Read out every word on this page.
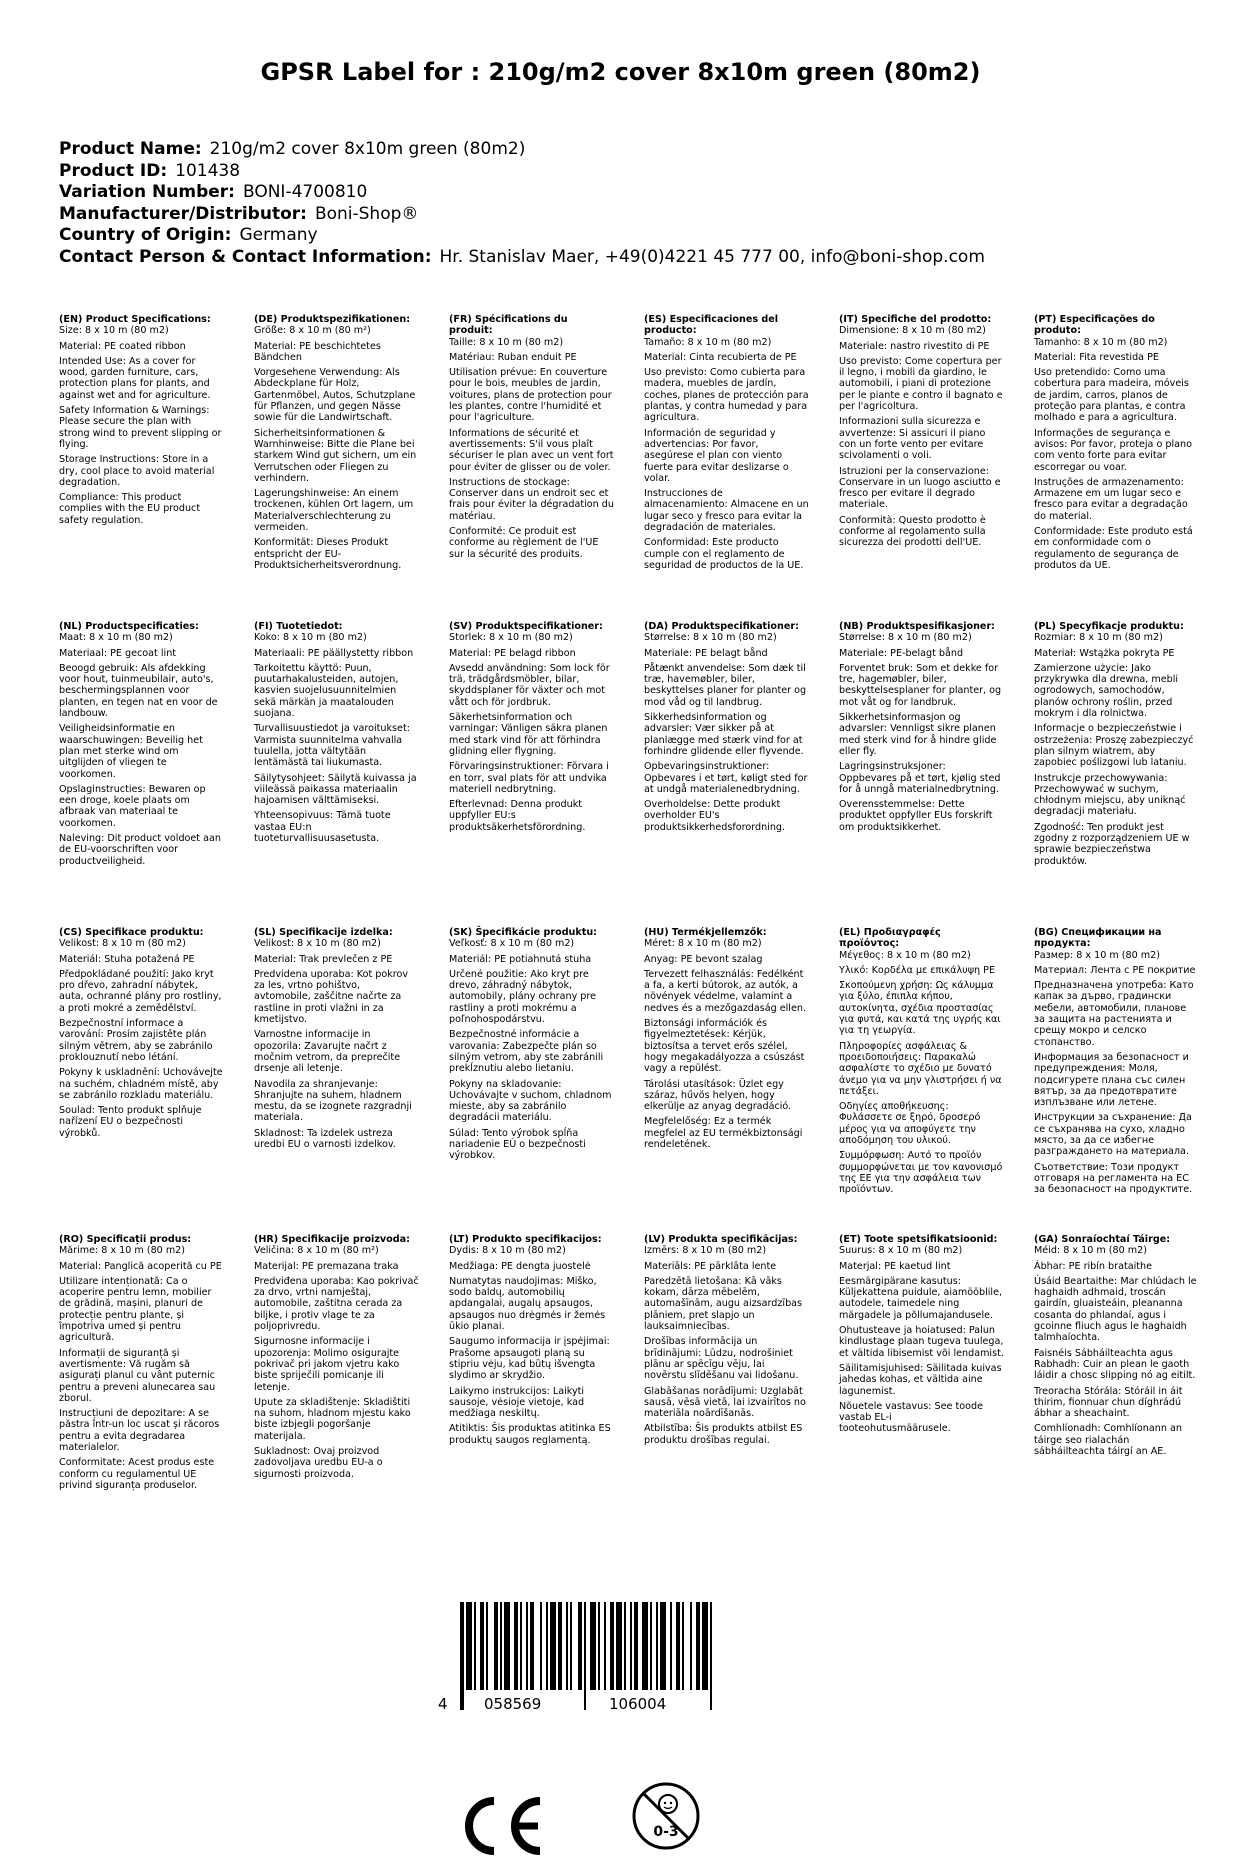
GPSR Label for : 210g/m2 cover 8x10m green (80m2)
Product Name: 210g/m2 cover 8x10m green (80m2)
Product ID: 101438
Variation Number: BONI-4700810
Manufacturer/Distributor: Boni-Shop®
Country of Origin: Germany
Contact Person & Contact Information: Hr. Stanislav Maer, +49(0)4221 45 777 00, info@boni-shop.com
(EN) Product Specifications:

Size: 8 x 10 m (80 m2)

Material: PE coated ribbon

Intended Use: As a cover for wood, garden furniture, cars, protection plans for plants, and against wet and for agriculture.

Safety Information & Warnings: Please secure the plan with strong wind to prevent slipping or flying.

Storage Instructions: Store in a dry, cool place to avoid material degradation.

Compliance: This product complies with the EU product safety regulation.

(DE) Produktspezifikationen:

Größe: 8 x 10 m (80 m²)

Material: PE beschichtetes Bändchen

Vorgesehene Verwendung: Als Abdeckplane für Holz, Gartenmöbel, Autos, Schutzplane für Pflanzen, und gegen Nässe sowie für die Landwirtschaft.

Sicherheitsinformationen & Warnhinweise: Bitte die Plane bei starkem Wind gut sichern, um ein Verrutschen oder Fliegen zu verhindern.

Lagerungshinweise: An einem trockenen, kühlen Ort lagern, um Materialverschlechterung zu vermeiden.

Konformität: Dieses Produkt entspricht der EU-Produktsicherheitsverordnung.

(FR) Spécifications du produit:

Taille: 8 x 10 m (80 m2)

Matériau: Ruban enduit PE

Utilisation prévue: En couverture pour le bois, meubles de jardin, voitures, plans de protection pour les plantes, contre l'humidité et pour l'agriculture.

Informations de sécurité et avertissements: S'il vous plaît sécuriser le plan avec un vent fort pour éviter de glisser ou de voler.

Instructions de stockage: Conserver dans un endroit sec et frais pour éviter la dégradation du matériau.

Conformité: Ce produit est conforme au règlement de l'UE sur la sécurité des produits.

(ES) Especificaciones del producto:

Tamaño: 8 x 10 m (80 m2)

Material: Cinta recubierta de PE

Uso previsto: Como cubierta para madera, muebles de jardín, coches, planes de protección para plantas, y contra humedad y para agricultura.

Información de seguridad y advertencias: Por favor, asegúrese el plan con viento fuerte para evitar deslizarse o volar.

Instrucciones de almacenamiento: Almacene en un lugar seco y fresco para evitar la degradación de materiales.

Conformidad: Este producto cumple con el reglamento de seguridad de productos de la UE.

(IT) Specifiche del prodotto:

Dimensione: 8 x 10 m (80 m2)

Materiale: nastro rivestito di PE

Uso previsto: Come copertura per il legno, i mobili da giardino, le automobili, i piani di protezione per le piante e contro il bagnato e per l'agricoltura.

Informazioni sulla sicurezza e avvertenze: Si assicuri il piano con un forte vento per evitare scivolamenti o voli.

Istruzioni per la conservazione: Conservare in un luogo asciutto e fresco per evitare il degrado materiale.

Conformità: Questo prodotto è conforme al regolamento sulla sicurezza dei prodotti dell'UE.

(PT) Especificações do produto:

Tamanho: 8 x 10 m (80 m2)

Material: Fita revestida PE

Uso pretendido: Como uma cobertura para madeira, móveis de jardim, carros, planos de proteção para plantas, e contra molhado e para a agricultura.

Informações de segurança e avisos: Por favor, proteja o plano com vento forte para evitar escorregar ou voar.

Instruções de armazenamento: Armazene em um lugar seco e fresco para evitar a degradação do material.

Conformidade: Este produto está em conformidade com o regulamento de segurança de produtos da UE.

(NL) Productspecificaties:

Maat: 8 x 10 m (80 m2)

Materiaal: PE gecoat lint

Beoogd gebruik: Als afdekking voor hout, tuinmeubilair, auto's, beschermingsplannen voor planten, en tegen nat en voor de landbouw.

Veiligheidsinformatie en waarschuwingen: Beveilig het plan met sterke wind om uitglijden of vliegen te voorkomen.

Opslaginstructies: Bewaren op een droge, koele plaats om afbraak van materiaal te voorkomen.

Naleving: Dit product voldoet aan de EU-voorschriften voor productveiligheid.

(FI) Tuotetiedot:

Koko: 8 x 10 m (80 m2)

Materiaali: PE päällystetty ribbon

Tarkoitettu käyttö: Puun, puutarhakalusteiden, autojen, kasvien suojelusuunnitelmien sekä märkän ja maatalouden suojana.

Turvallisuustiedot ja varoitukset: Varmista suunnitelma vahvalla tuulella, jotta vältytään lentämästä tai liukumasta.

Säilytysohjeet: Säilytä kuivassa ja viileässä paikassa materiaalin hajoamisen välttämiseksi.

Yhteensopivuus: Tämä tuote vastaa EU:n tuoteturvallisuusasetusta.

(SV) Produktspecifikationer:

Storlek: 8 x 10 m (80 m2)

Material: PE belagd ribbon

Avsedd användning: Som lock för trä, trädgårdsmöbler, bilar, skyddsplaner för växter och mot vått och för jordbruk.

Säkerhetsinformation och varningar: Vänligen säkra planen med stark vind för att förhindra glidning eller flygning.

Förvaringsinstruktioner: Förvara i en torr, sval plats för att undvika materiell nedbrytning.

Efterlevnad: Denna produkt uppfyller EU:s produktsäkerhetsförordning.

(DA) Produktspecifikationer:

Størrelse: 8 x 10 m (80 m2)

Materiale: PE belagt bånd

Påtænkt anvendelse: Som dæk til træ, havemøbler, biler, beskyttelses planer for planter og mod våd og til landbrug.

Sikkerhedsinformation og advarsler: Vær sikker på at planlægge med stærk vind for at forhindre glidende eller flyvende.

Opbevaringsinstruktioner: Opbevares i et tørt, køligt sted for at undgå materialenedbrydning.

Overholdelse: Dette produkt overholder EU's produktsikkerhedsforordning.

(NB) Produktspesifikasjoner:

Størrelse: 8 x 10 m (80 m2)

Materiale: PE-belagt bånd

Forventet bruk: Som et dekke for tre, hagemøbler, biler, beskyttelsesplaner for planter, og mot våt og for landbruk.

Sikkerhetsinformasjon og advarsler: Vennligst sikre planen med sterk vind for å hindre glide eller fly.

Lagringsinstruksjoner: Oppbevares på et tørt, kjølig sted for å unngå materialnedbrytning.

Overensstemmelse: Dette produktet oppfyller EUs forskrift om produktsikkerhet.

(PL) Specyfikacje produktu:

Rozmiar: 8 x 10 m (80 m2)

Materiał: Wstążka pokryta PE

Zamierzone użycie: Jako przykrywka dla drewna, mebli ogrodowych, samochodów, planów ochrony roślin, przed mokrym i dla rolnictwa.

Informacje o bezpieczeństwie i ostrzeżenia: Proszę zabezpieczyć plan silnym wiatrem, aby zapobiec poślizgowi lub lataniu.

Instrukcje przechowywania: Przechowywać w suchym, chłodnym miejscu, aby uniknąć degradacji materiału.

Zgodność: Ten produkt jest zgodny z rozporządzeniem UE w sprawie bezpieczeństwa produktów.

(CS) Specifikace produktu:

Velikost: 8 x 10 m (80 m2)

Materiál: Stuha potažená PE

Předpokládané použití: Jako kryt pro dřevo, zahradní nábytek, auta, ochranné plány pro rostliny, a proti mokré a zemědělství.

Bezpečnostní informace a varování: Prosím zajistěte plán silným větrem, aby se zabránilo proklouznutí nebo létání.

Pokyny k uskladnění: Uchovávejte na suchém, chladném místě, aby se zabránilo rozkladu materiálu.

Soulad: Tento produkt splňuje nařízení EU o bezpečnosti výrobků.

(SL) Specifikacije izdelka:

Velikost: 8 x 10 m (80 m2)

Material: Trak prevlečen z PE

Predvidena uporaba: Kot pokrov za les, vrtno pohištvo, avtomobile, zaščitne načrte za rastline in proti vlažni in za kmetijstvo.

Varnostne informacije in opozorila: Zavarujte načrt z močnim vetrom, da preprečite drsenje ali letenje.

Navodila za shranjevanje: Shranjujte na suhem, hladnem mestu, da se izognete razgradnji materiala.

Skladnost: Ta izdelek ustreza uredbi EU o varnosti izdelkov.

(SK) Špecifikácie produktu:

Veľkosť: 8 x 10 m (80 m2)

Materiál: PE potiahnutá stuha

Určené použitie: Ako kryt pre drevo, záhradný nábytok, automobily, plány ochrany pre rastliny a proti mokrému a poľnohospodárstvu.

Bezpečnostné informácie a varovania: Zabezpečte plán so silným vetrom, aby ste zabránili prekĺznutiu alebo lietaniu.

Pokyny na skladovanie: Uchovávajte v suchom, chladnom mieste, aby sa zabránilo degradácii materiálu.

Súlad: Tento výrobok spĺňa nariadenie EÚ o bezpečnosti výrobkov.

(HU) Termékjellemzők:

Méret: 8 x 10 m (80 m2)

Anyag: PE bevont szalag

Tervezett felhasználás: Fedélként a fa, a kerti bútorok, az autók, a növények védelme, valamint a nedves és a mezőgazdaság ellen.

Biztonsági információk és figyelmeztetések: Kérjük, biztosítsa a tervet erős szélel, hogy megakadályozza a csúszást vagy a repülést.

Tárolási utasítások: Üzlet egy száraz, hűvös helyen, hogy elkerülje az anyag degradáció.

Megfelelőség: Ez a termék megfelel az EU termékbiztonsági rendeletének.

(EL) Προδιαγραφές προϊόντος:

Μέγεθος: 8 x 10 m (80 m2)

Υλικό: Κορδέλα με επικάλυψη PE

Σκοπούμενη χρήση: Ως κάλυμμα για ξύλο, έπιπλα κήπου, αυτοκίνητα, σχέδια προστασίας για φυτά, και κατά της υγρής και για τη γεωργία.

Πληροφορίες ασφάλειας & προειδοποιήσεις: Παρακαλώ ασφαλίστε το σχέδιο με δυνατό άνεμο για να μην γλιστρήσει ή να πετάξει.

Οδηγίες αποθήκευσης: Φυλάσσετε σε ξηρό, δροσερό μέρος για να αποφύγετε την αποδόμηση του υλικού.

Συμμόρφωση: Αυτό το προϊόν συμμορφώνεται με τον κανονισμό της ΕΕ για την ασφάλεια των προϊόντων.

(BG) Спецификации на продукта:

Размер: 8 x 10 m (80 m2)

Материал: Лента с PE покритие

Предназначена употреба: Като капак за дърво, градински мебели, автомобили, планове за защита на растенията и срещу мокро и селско стопанство.

Информация за безопасност и предупреждения: Моля, подсигурете плана със силен вятър, за да предотвратите изплъзване или летене.

Инструкции за съхранение: Да се съхранява на сухо, хладно място, за да се избегне разграждането на материала.

Съответствие: Този продукт отговаря на регламента на ЕС за безопасност на продуктите.

(RO) Specificații produs:

Mărime: 8 x 10 m (80 m2)

Material: Panglică acoperită cu PE

Utilizare intenționată: Ca o acoperire pentru lemn, mobilier de grădină, mașini, planuri de protecție pentru plante, și împotriva umed și pentru agricultură.

Informații de siguranță și avertismente: Vă rugăm să asigurați planul cu vânt puternic pentru a preveni alunecarea sau zborul.

Instrucțiuni de depozitare: A se păstra într-un loc uscat și răcoros pentru a evita degradarea materialelor.

Conformitate: Acest produs este conform cu regulamentul UE privind siguranța produselor.

(HR) Specifikacije proizvoda:

Veličina: 8 x 10 m (80 m²)

Materijal: PE premazana traka

Predviđena uporaba: Kao pokrivač za drvo, vrtni namještaj, automobile, zaštitna cerada za biljke, i protiv vlage te za poljoprivredu.

Sigurnosne informacije i upozorenja: Molimo osigurajte pokrivač pri jakom vjetru kako biste spriječili pomicanje ili letenje.

Upute za skladištenje: Skladištiti na suhom, hladnom mjestu kako biste izbjegli pogoršanje materijala.

Sukladnost: Ovaj proizvod zadovoljava uredbu EU-a o sigurnosti proizvoda.

(LT) Produkto specifikacijos:

Dydis: 8 x 10 m (80 m2)

Medžiaga: PE dengta juostelė

Numatytas naudojimas: Miško, sodo baldų, automobilių apdangalai, augalų apsaugos, apsaugos nuo drėgmės ir žemės ūkio planai.

Saugumo informacija ir įspėjimai: Prašome apsaugoti planą su stipriu vėju, kad būtų išvengta slydimo ar skrydžio.

Laikymo instrukcijos: Laikyti sausoje, vėsioje vietoje, kad medžiaga neskiltų.

Atitiktis: Šis produktas atitinka ES produktų saugos reglamentą.

(LV) Produkta specifikācijas:

Izmērs: 8 x 10 m (80 m2)

Materiāls: PE pārklāta lente

Paredzētā lietošana: Kā vāks kokam, dārza mēbelēm, automašīnām, augu aizsardzības plāniem, pret slapjo un lauksaimniecības.

Drošības informācija un brīdinājumi: Lūdzu, nodrošiniet plānu ar spēcīgu vēju, lai novērstu slīdēšanu vai lidošanu.

Glabāšanas norādījumi: Uzglabāt sausā, vēsā vietā, lai izvairītos no materiāla noārdīšanās.

Atbilstība: Šis produkts atbilst ES produktu drošības regulai.

(ET) Toote spetsifikatsioonid:

Suurus: 8 x 10 m (80 m2)

Materjal: PE kaetud lint

Eesmärgipärane kasutus: Küljekattena puidule, aiamööblile, autodele, taimedele ning märgadele ja põllumajandusele.

Ohutusteave ja hoiatused: Palun kindlustage plaan tugeva tuulega, et vältida libisemist või lendamist.

Säilitamisjuhised: Säilitada kuivas jahedas kohas, et vältida aine lagunemist.

Nõuetele vastavus: See toode vastab EL-i tooteohutusmäärusele.

(GA) Sonraíochtaí Táirge:

Méid: 8 x 10 m (80 m2)

Ábhar: PE ribín brataithe

Úsáid Beartaithe: Mar chlúdach le haghaidh adhmaid, troscán gairdín, gluaisteáin, pleananna cosanta do phlandaí, agus i gcoinne fliuch agus le haghaidh talmhaíochta.

Faisnéis Sábháilteachta agus Rabhadh: Cuir an plean le gaoth láidir a chosc slipping nó ag eitilt.

Treoracha Stórála: Stóráil in áit thirim, fionnuar chun díghrádú ábhar a sheachaint.

Comhlíonadh: Comhlíonann an táirge seo rialachán sábháilteachta táirgí an AE.

4 058569	106004
0-3
